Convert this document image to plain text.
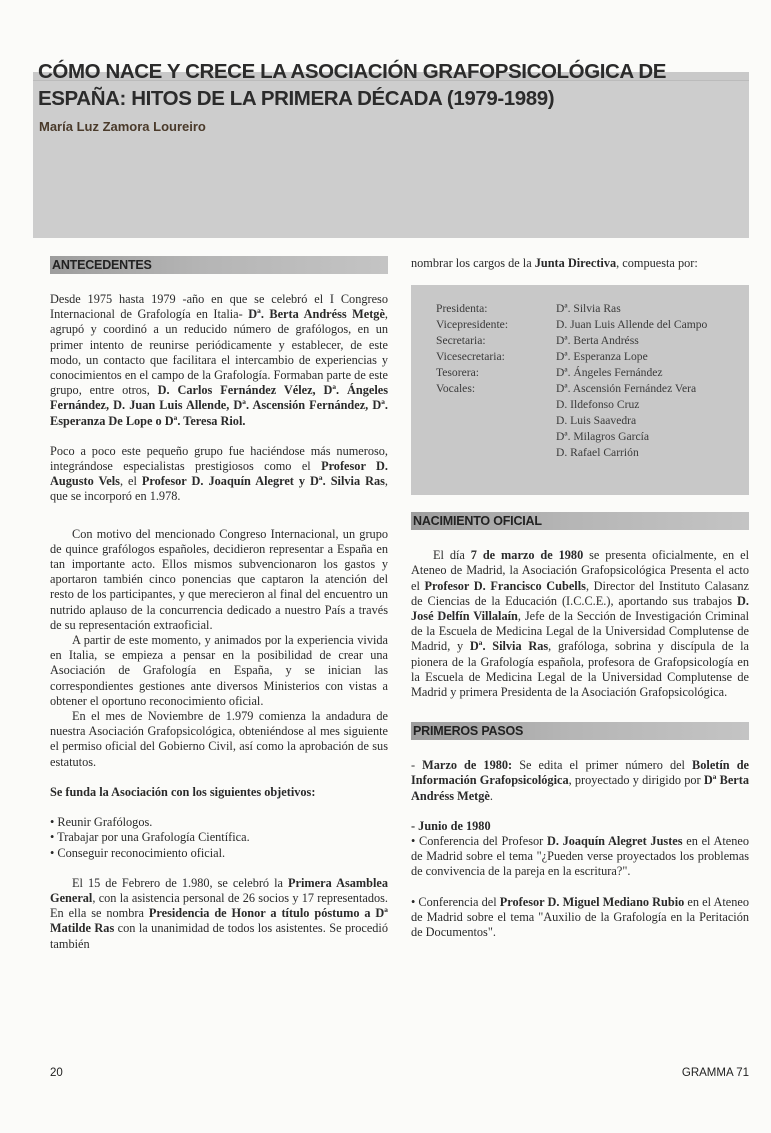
CÓMO NACE Y CRECE LA ASOCIACIÓN GRAFOPSICOLÓGICA DE ESPAÑA: HITOS DE LA PRIMERA DÉCADA (1979-1989)
María Luz Zamora Loureiro
ANTECEDENTES

Desde 1975 hasta 1979 -año en que se celebró el I Congreso Internacional de Grafología en Italia- Dª. Berta Andréss Metgè, agrupó y coordinó a un reducido número de grafólogos, en un primer intento de reunirse periódicamente y establecer, de este modo, un contacto que facilitara el intercambio de experiencias y conocimientos en el campo de la Grafología. Formaban parte de este grupo, entre otros, D. Carlos Fernández Vélez, Dª. Ángeles Fernández, D. Juan Luis Allende, Dª. Ascensión Fernández, Dª. Esperanza De Lope o Dª. Teresa Riol.

Poco a poco este pequeño grupo fue haciéndose más numeroso, integrándose especialistas prestigiosos como el Profesor D. Augusto Vels, el Profesor D. Joaquín Alegret y Dª. Silvia Ras, que se incorporó en 1.978.

Con motivo del mencionado Congreso Internacional, un grupo de quince grafólogos españoles, decidieron representar a España en tan importante acto. Ellos mismos subvencionaron los gastos y aportaron también cinco ponencias que captaron la atención del resto de los participantes, y que merecieron al final del encuentro un nutrido aplauso de la concurrencia dedicado a nuestro País a través de su representación extraoficial.

A partir de este momento, y animados por la experiencia vivida en Italia, se empieza a pensar en la posibilidad de crear una Asociación de Grafología en España, y se inician las correspondientes gestiones ante diversos Ministerios con vistas a obtener el oportuno reconocimiento oficial.

En el mes de Noviembre de 1.979 comienza la andadura de nuestra Asociación Grafopsicológica, obteniéndose al mes siguiente el permiso oficial del Gobierno Civil, así como la aprobación de sus estatutos.

Se funda la Asociación con los siguientes objetivos:

• Reunir Grafólogos.
• Trabajar por una Grafología Científica.
• Conseguir reconocimiento oficial.

El 15 de Febrero de 1.980, se celebró la Primera Asamblea General, con la asistencia personal de 26 socios y 17 representados. En ella se nombra Presidencia de Honor a título póstumo a Dª Matilde Ras con la unanimidad de todos los asistentes. Se procedió también

nombrar los cargos de la Junta Directiva, compuesta por:

Presidenta:	Dª. Silvia Ras
Vicepresidente:	D. Juan Luis Allende del Campo
Secretaria:	Dª. Berta Andréss
Vicesecretaria:	Dª. Esperanza Lope
Tesorera:	Dª. Ángeles Fernández
Vocales:	Dª. Ascensión Fernández Vera
D. Ildefonso Cruz
D. Luis Saavedra
Dª. Milagros García
D. Rafael Carrión
NACIMIENTO OFICIAL

El día 7 de marzo de 1980 se presenta oficialmente, en el Ateneo de Madrid, la Asociación Grafopsicológica Presenta el acto el Profesor D. Francisco Cubells, Director del Instituto Calasanz de Ciencias de la Educación (I.C.C.E.), aportando sus trabajos D. José Delfín Villalaín, Jefe de la Sección de Investigación Criminal de la Escuela de Medicina Legal de la Universidad Complutense de Madrid, y Dª. Silvia Ras, grafóloga, sobrina y discípula de la pionera de la Grafología española, profesora de Grafopsicología en la Escuela de Medicina Legal de la Universidad Complutense de Madrid y primera Presidenta de la Asociación Grafopsicológica.

PRIMEROS PASOS

- Marzo de 1980: Se edita el primer número del Boletín de Información Grafopsicológica, proyectado y dirigido por Dª Berta Andréss Metgè.

- Junio de 1980

• Conferencia del Profesor D. Joaquín Alegret Justes en el Ateneo de Madrid sobre el tema "¿Pueden verse proyectados los problemas de convivencia de la pareja en la escritura?".

• Conferencia del Profesor D. Miguel Mediano Rubio en el Ateneo de Madrid sobre el tema "Auxilio de la Grafología en la Peritación de Documentos".

20	GRAMMA 71
